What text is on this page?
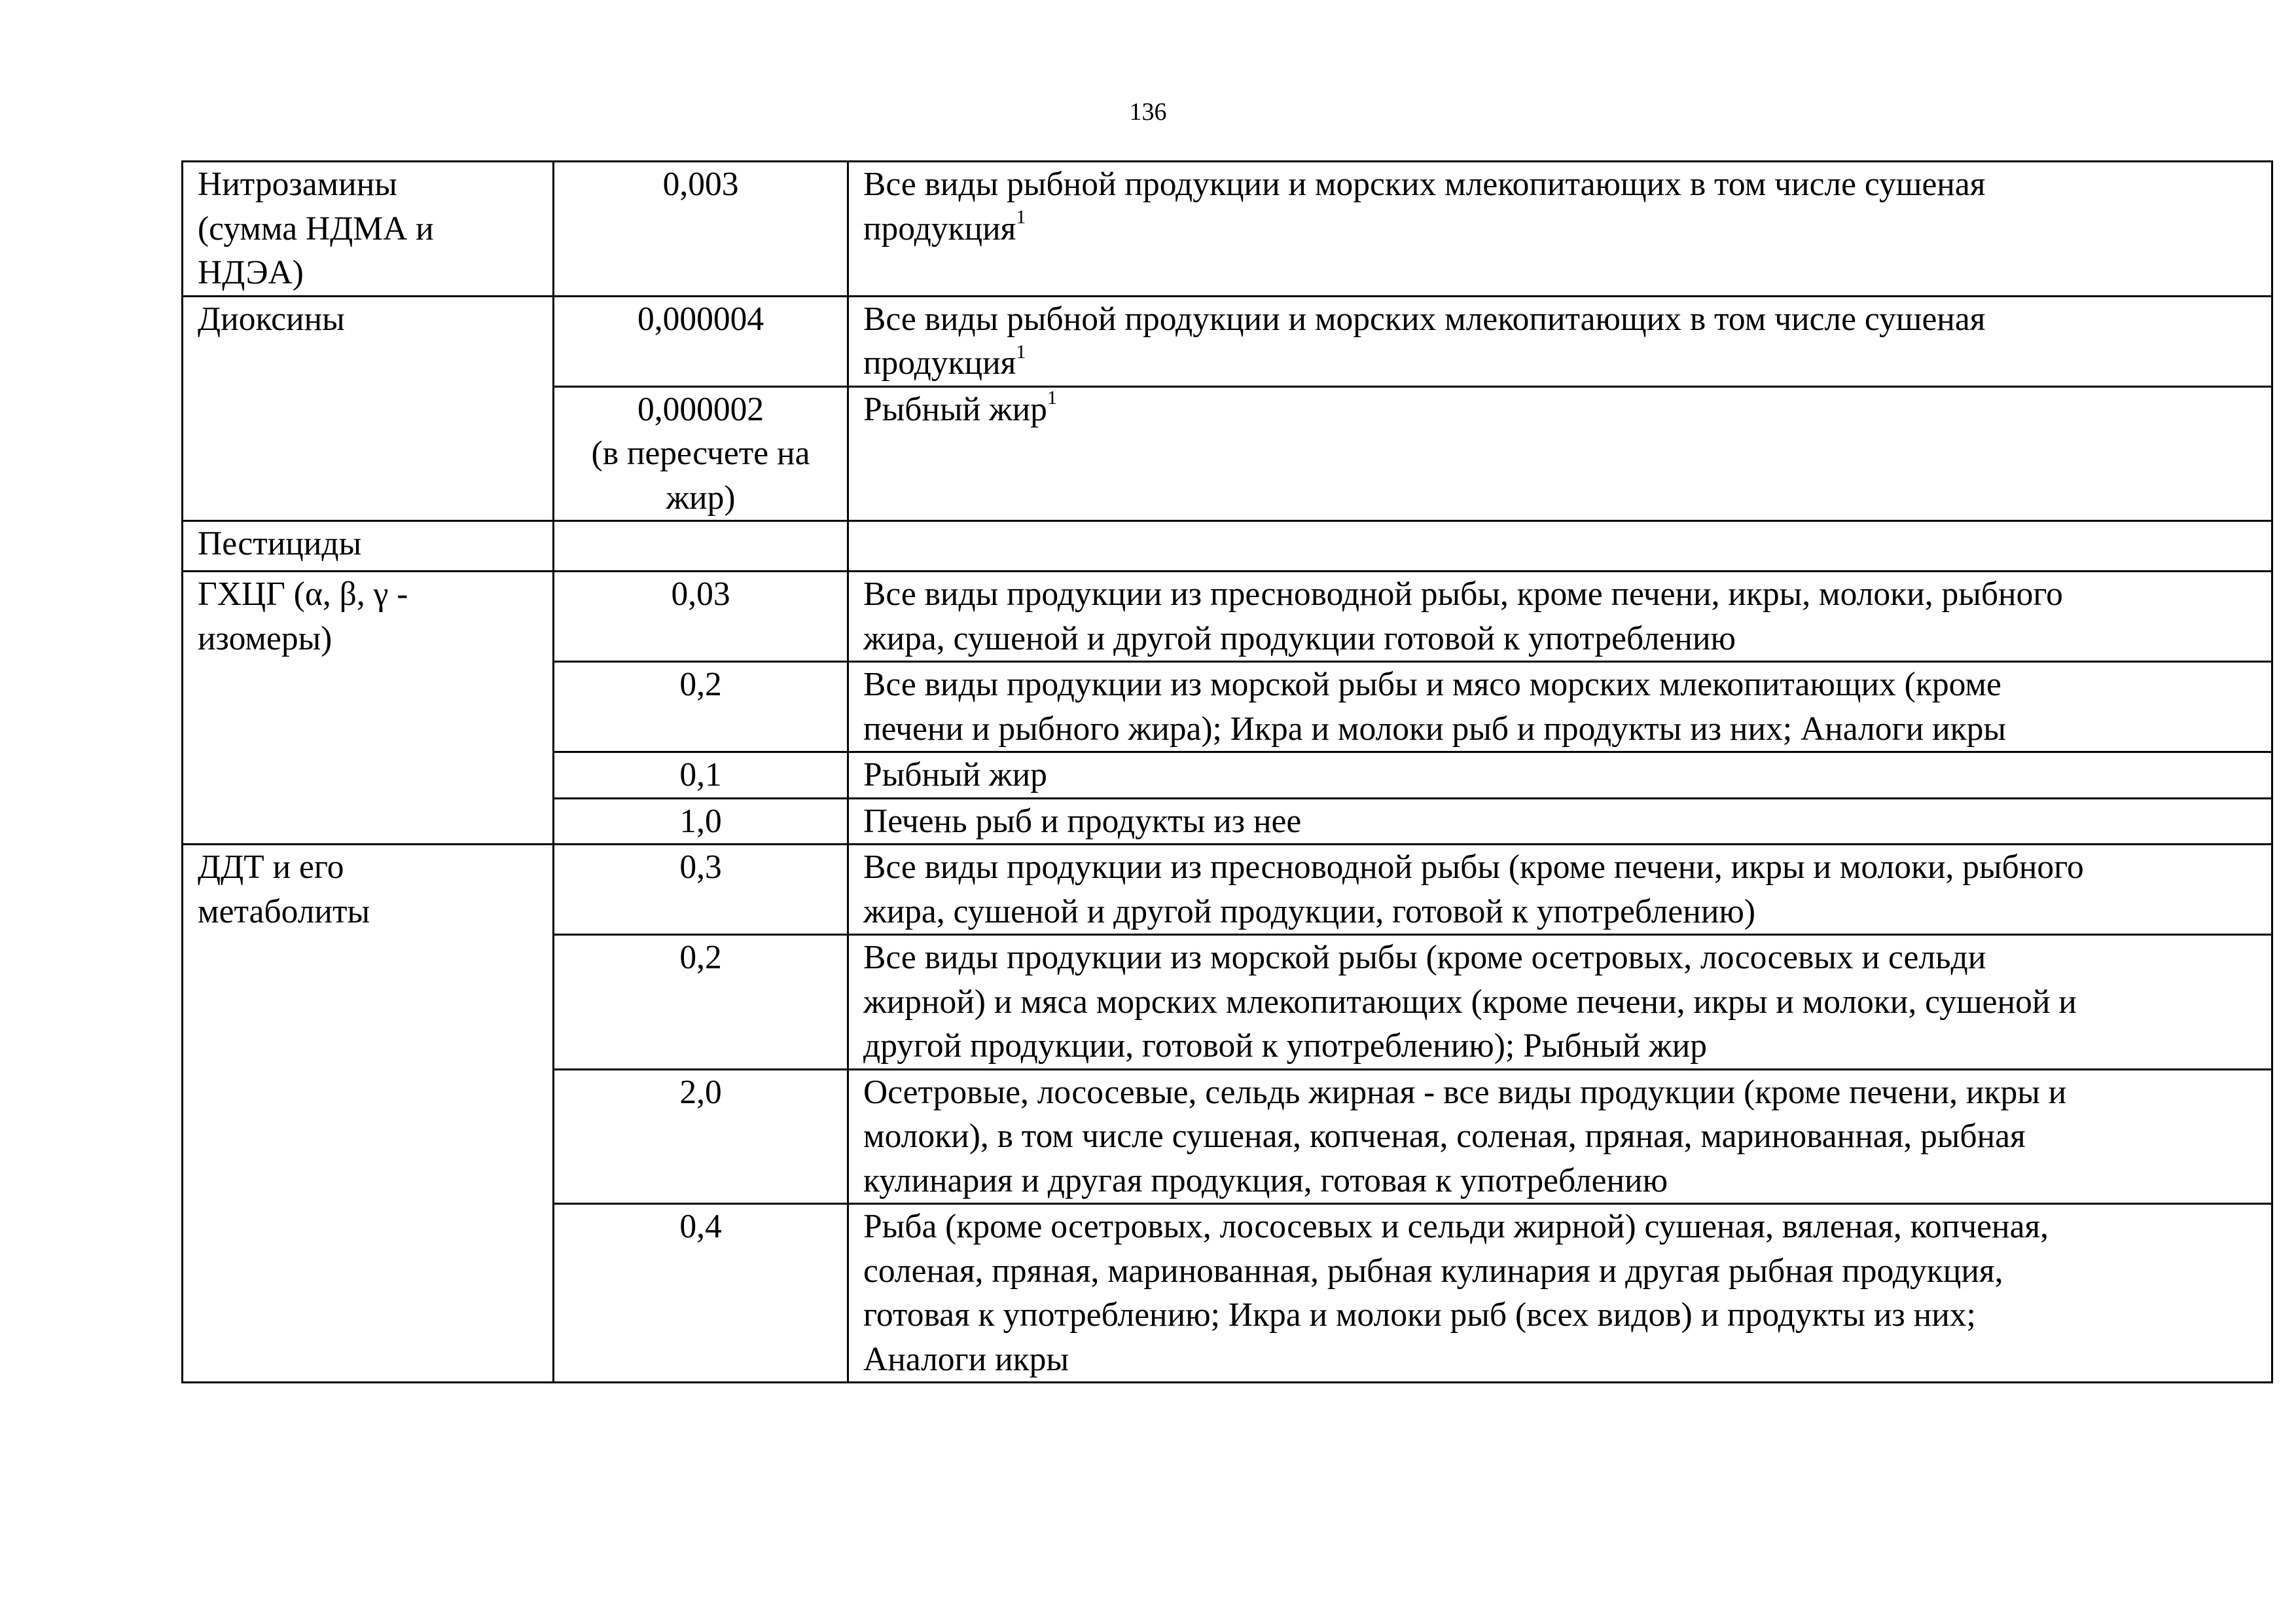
136
Нитрозамины
(сумма НДМА и
НДЭА)	0,003	Все виды рыбной продукции и морских млекопитающих в том числе сушеная
продукция$^1$

Диоксины	0,000004	Все виды рыбной продукции и морских млекопитающих в том числе сушеная
продукция$^1$

	0,000002
(в пересчете на
жир)	Рыбный жир$^1$

Пестициды		

ГХЦГ (α, β, γ -
изомеры)	0,03	Все виды продукции из пресноводной рыбы, кроме печени, икры, молоки, рыбного
жира, сушеной и другой продукции готовой к употреблению

	0,2	Все виды продукции из морской рыбы и мясо морских млекопитающих (кроме
печени и рыбного жира); Икра и молоки рыб и продукты из них; Аналоги икры

	0,1	Рыбный жир

	1,0	Печень рыб и продукты из нее

ДДТ и его
метаболиты	0,3	Все виды продукции из пресноводной рыбы (кроме печени, икры и молоки, рыбного
жира, сушеной и другой продукции, готовой к употреблению)

	0,2	Все виды продукции из морской рыбы (кроме осетровых, лососевых и сельди
жирной) и мяса морских млекопитающих (кроме печени, икры и молоки, сушеной и
другой продукции, готовой к употреблению); Рыбный жир

	2,0	Осетровые, лососевые, сельдь жирная - все виды продукции (кроме печени, икры и
молоки), в том числе сушеная, копченая, соленая, пряная, маринованная, рыбная
кулинария и другая продукция, готовая к употреблению

	0,4	Рыба (кроме осетровых, лососевых и сельди жирной) сушеная, вяленая, копченая,
соленая, пряная, маринованная, рыбная кулинария и другая рыбная продукция,
готовая к употреблению; Икра и молоки рыб (всех видов) и продукты из них;
Аналоги икры
